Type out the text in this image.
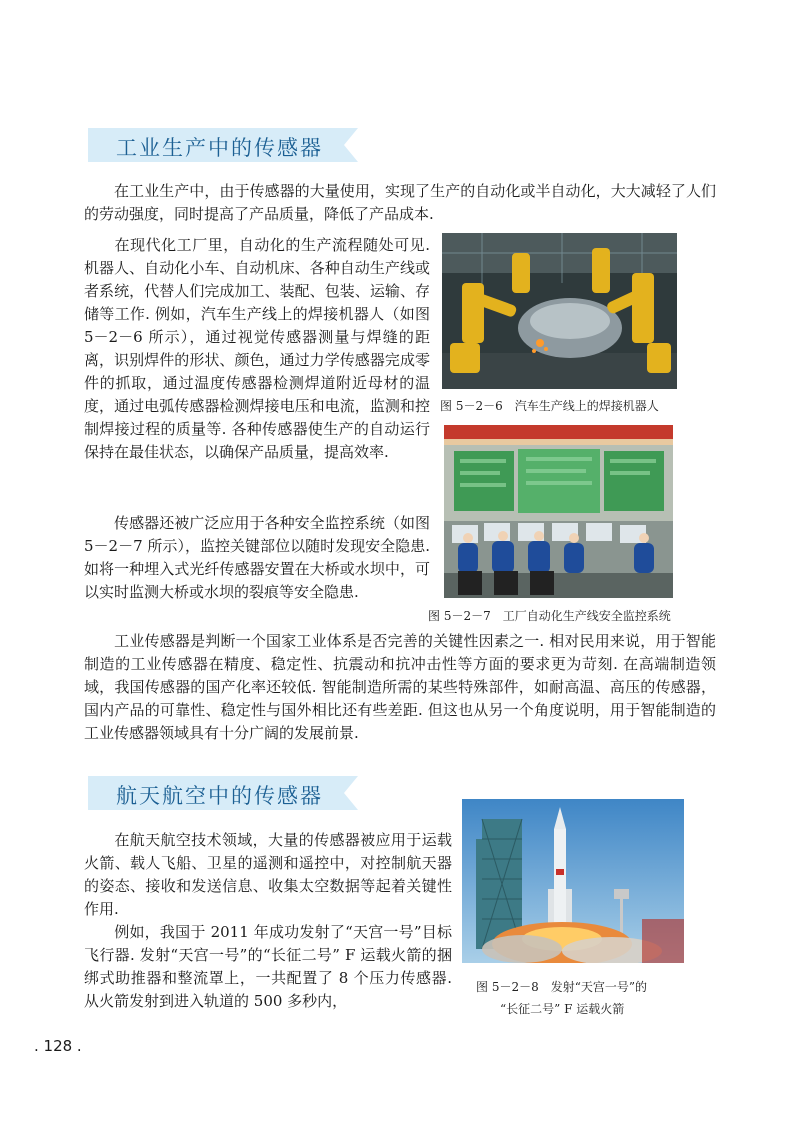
工业生产中的传感器

在工业生产中，由于传感器的大量使用，实现了生产的自动化或半自动化，大大减轻了人们的劳动强度，同时提高了产品质量，降低了产品成本.

在现代化工厂里，自动化的生产流程随处可见. 机器人、自动化小车、自动机床、各种自动生产线或者系统，代替人们完成加工、装配、包装、运输、存储等工作. 例如，汽车生产线上的焊接机器人（如图 5－2－6 所示），通过视觉传感器测量与焊缝的距离，识别焊件的形状、颜色，通过力学传感器完成零件的抓取，通过温度传感器检测焊道附近母材的温度，通过电弧传感器检测焊接电压和电流，监测和控制焊接过程的质量等. 各种传感器使生产的自动运行保持在最佳状态，以确保产品质量，提高效率.

传感器还被广泛应用于各种安全监控系统（如图 5－2－7 所示），监控关键部位以随时发现安全隐患. 如将一种埋入式光纤传感器安置在大桥或水坝中，可以实时监测大桥或水坝的裂痕等安全隐患.

图 5－2－6　汽车生产线上的焊接机器人
图 5－2－7　工厂自动化生产线安全监控系统

工业传感器是判断一个国家工业体系是否完善的关键性因素之一. 相对民用来说，用于智能制造的工业传感器在精度、稳定性、抗震动和抗冲击性等方面的要求更为苛刻. 在高端制造领域，我国传感器的国产化率还较低. 智能制造所需的某些特殊部件，如耐高温、高压的传感器，国内产品的可靠性、稳定性与国外相比还有些差距. 但这也从另一个角度说明，用于智能制造的工业传感器领域具有十分广阔的发展前景.

航天航空中的传感器

在航天航空技术领域，大量的传感器被应用于运载火箭、载人飞船、卫星的遥测和遥控中，对控制航天器的姿态、接收和发送信息、收集太空数据等起着关键性作用.

例如，我国于 2011 年成功发射了“天宫一号”目标飞行器. 发射“天宫一号”的“长征二号” F 运载火箭的捆绑式助推器和整流罩上，一共配置了 8 个压力传感器. 从火箭发射到进入轨道的 500 多秒内，

图 5－2－8　发射“天宫一号”的
“长征二号” F 运载火箭
. 128 .
